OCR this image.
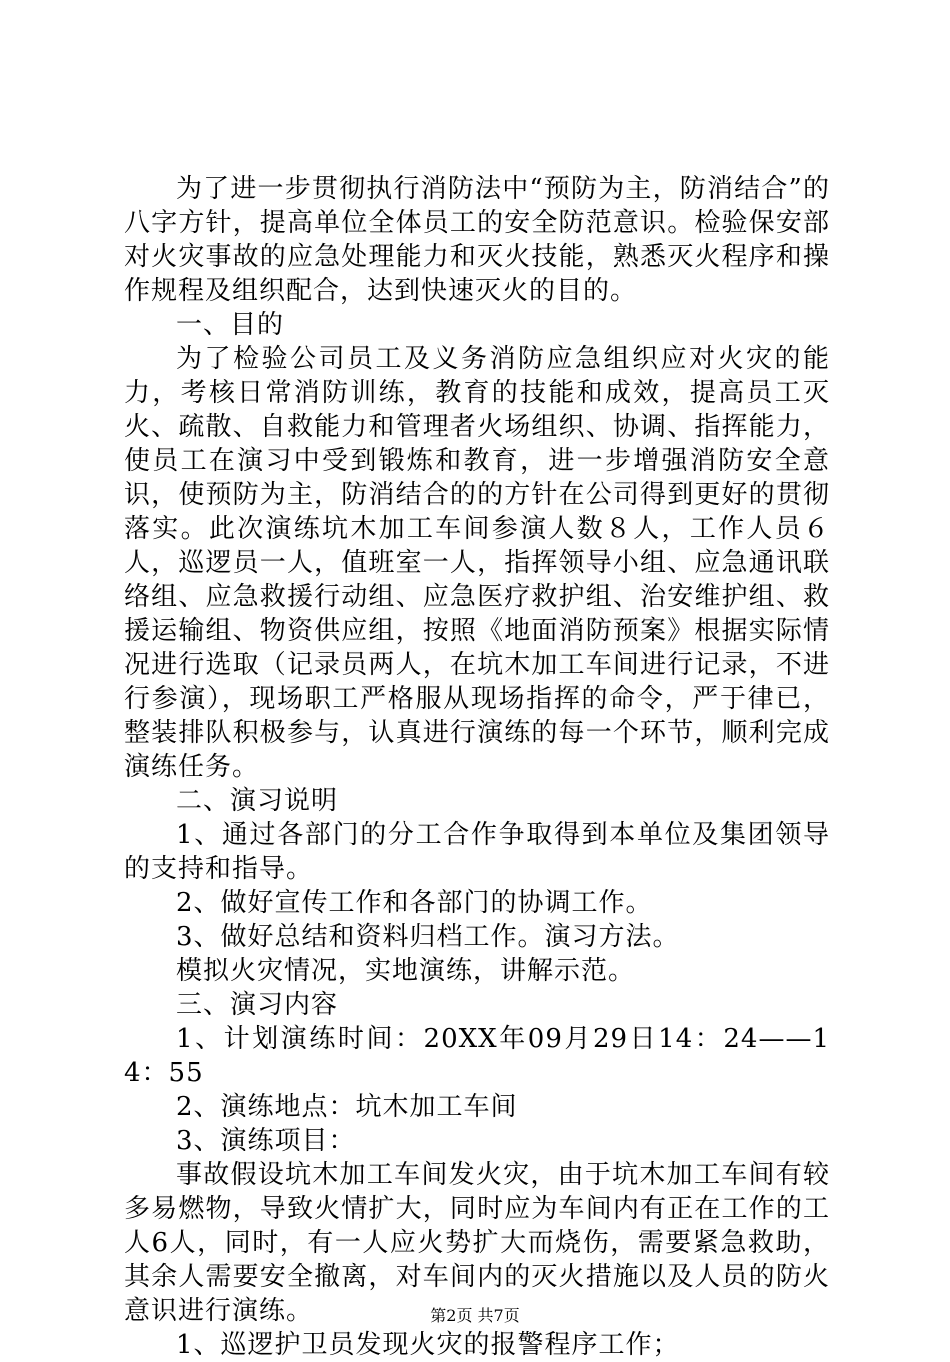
为了进一步贯彻执行消防法中“预防为主，防消结合”的八字方针，提高单位全体员工的安全防范意识。检验保安部对火灾事故的应急处理能力和灭火技能，熟悉灭火程序和操作规程及组织配合，达到快速灭火的目的。

一、目的

为了检验公司员工及义务消防应急组织应对火灾的能力，考核日常消防训练，教育的技能和成效，提高员工灭火、疏散、自救能力和管理者火场组织、协调、指挥能力，使员工在演习中受到锻炼和教育，进一步增强消防安全意识，使预防为主，防消结合的的方针在公司得到更好的贯彻落实。此次演练坑木加工车间参演人数８人，工作人员６人，巡逻员一人，值班室一人，指挥领导小组、应急通讯联络组、应急救援行动组、应急医疗救护组、治安维护组、救援运输组、物资供应组，按照《地面消防预案》根据实际情况进行选取（记录员两人，在坑木加工车间进行记录，不进行参演），现场职工严格服从现场指挥的命令，严于律已，整装排队积极参与，认真进行演练的每一个环节，顺利完成演练任务。

二、演习说明

1、通过各部门的分工合作争取得到本单位及集团领导的支持和指导。

2、做好宣传工作和各部门的协调工作。

3、做好总结和资料归档工作。演习方法。

模拟火灾情况，实地演练，讲解示范。

三、演习内容

1、计划演练时间：20XX年09月29日14：24——14：55

2、演练地点：坑木加工车间

3、演练项目：

事故假设坑木加工车间发火灾，由于坑木加工车间有较多易燃物，导致火情扩大，同时应为车间内有正在工作的工人6人，同时，有一人应火势扩大而烧伤，需要紧急救助，其余人需要安全撤离，对车间内的灭火措施以及人员的防火意识进行演练。

1、巡逻护卫员发现火灾的报警程序工作；

第2页 共7页
